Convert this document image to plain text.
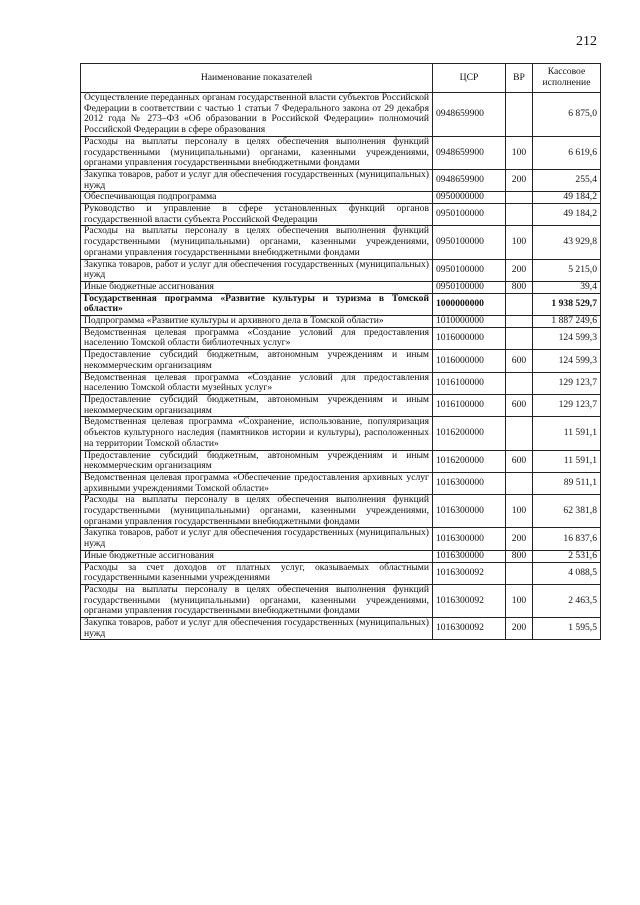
212
Наименование показателей	ЦСР	ВР	Кассовое исполнение
Осуществление переданных органам государственной власти субъектов Российской Федерации в соответствии с частью 1 статьи 7 Федерального закона от 29 декабря 2012 года № 273–ФЗ «Об образовании в Российской Федерации» полномочий Российской Федерации в сфере образования	0948659900		6 875,0
Расходы на выплаты персоналу в целях обеспечения выполнения функций государственными (муниципальными) органами, казенными учреждениями, органами управления государственными внебюджетными фондами	0948659900	100	6 619,6
Закупка товаров, работ и услуг для обеспечения государственных (муниципальных) нужд	0948659900	200	255,4
Обеспечивающая подпрограмма	0950000000		49 184,2
Руководство и управление в сфере установленных функций органов государственной власти субъекта Российской Федерации	0950100000		49 184,2
Расходы на выплаты персоналу в целях обеспечения выполнения функций государственными (муниципальными) органами, казенными учреждениями, органами управления государственными внебюджетными фондами	0950100000	100	43 929,8
Закупка товаров, работ и услуг для обеспечения государственных (муниципальных) нужд	0950100000	200	5 215,0
Иные бюджетные ассигнования	0950100000	800	39,4
Государственная программа «Развитие культуры и туризма в Томской области»	1000000000		1 938 529,7
Подпрограмма «Развитие культуры и архивного дела в Томской области»	1010000000		1 887 249,6
Ведомственная целевая программа «Создание условий для предоставления населению Томской области библиотечных услуг»	1016000000		124 599,3
Предоставление субсидий бюджетным, автономным учреждениям и иным некоммерческим организациям	1016000000	600	124 599,3
Ведомственная целевая программа «Создание условий для предоставления населению Томской области музейных услуг»	1016100000		129 123,7
Предоставление субсидий бюджетным, автономным учреждениям и иным некоммерческим организациям	1016100000	600	129 123,7
Ведомственная целевая программа «Сохранение, использование, популяризация объектов культурного наследия (памятников истории и культуры), расположенных на территории Томской области»	1016200000		11 591,1
Предоставление субсидий бюджетным, автономным учреждениям и иным некоммерческим организациям	1016200000	600	11 591,1
Ведомственная целевая программа «Обеспечение предоставления архивных услуг архивными учреждениями Томской области»	1016300000		89 511,1
Расходы на выплаты персоналу в целях обеспечения выполнения функций государственными (муниципальными) органами, казенными учреждениями, органами управления государственными внебюджетными фондами	1016300000	100	62 381,8
Закупка товаров, работ и услуг для обеспечения государственных (муниципальных) нужд	1016300000	200	16 837,6
Иные бюджетные ассигнования	1016300000	800	2 531,6
Расходы за счет доходов от платных услуг, оказываемых областными государственными казенными учреждениями	1016300092		4 088,5
Расходы на выплаты персоналу в целях обеспечения выполнения функций государственными (муниципальными) органами, казенными учреждениями, органами управления государственными внебюджетными фондами	1016300092	100	2 463,5
Закупка товаров, работ и услуг для обеспечения государственных (муниципальных) нужд	1016300092	200	1 595,5
